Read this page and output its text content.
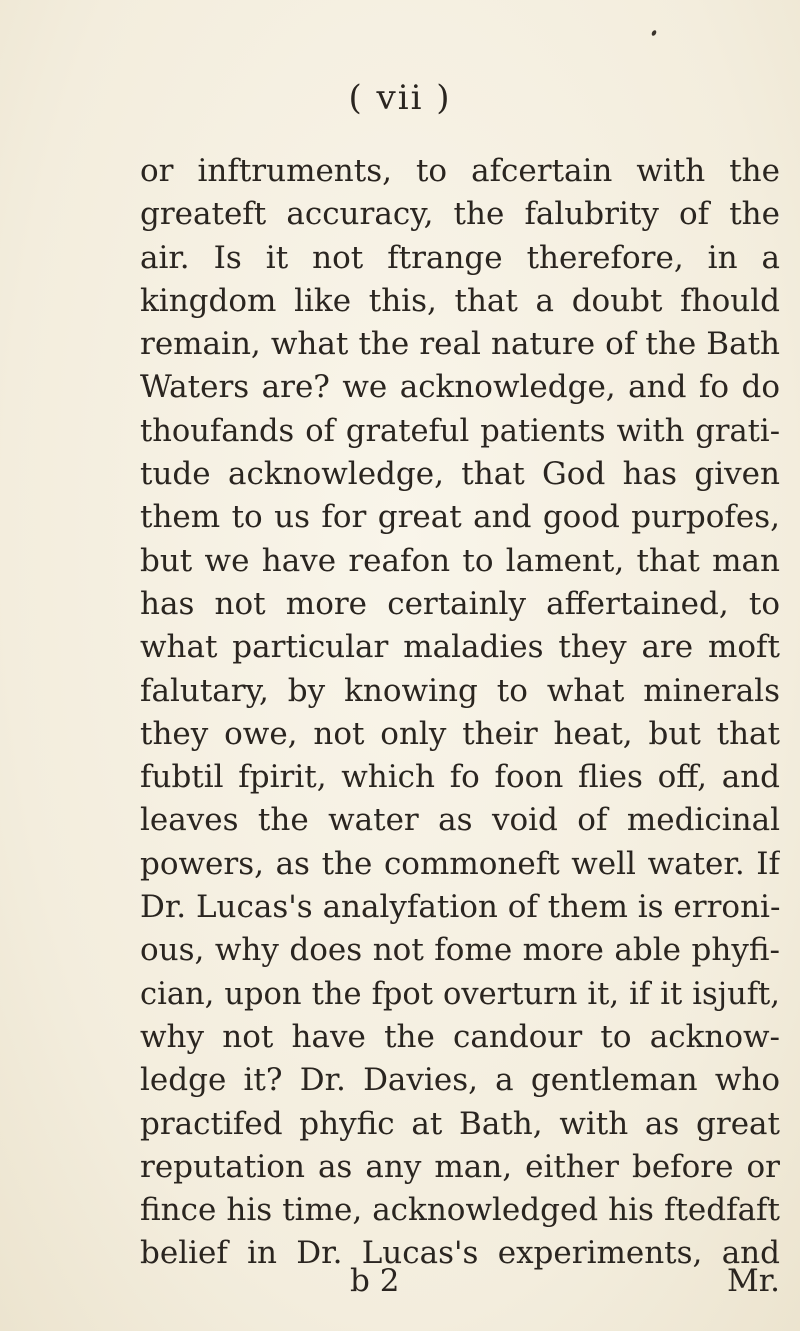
( vii )
or inftruments, to afcertain with the
greateft accuracy, the falubrity of the
air. Is it not ftrange therefore, in a
kingdom like this, that a doubt fhould
remain, what the real nature of the Bath
Waters are? we acknowledge, and fo do
thoufands of grateful patients with grati-
tude acknowledge, that God has given
them to us for great and good purpofes,
but we have reafon to lament, that man
has not more certainly affertained, to
what particular maladies they are moft
falutary, by knowing to what minerals
they owe, not only their heat, but that
fubtil fpirit, which fo foon flies off, and
leaves the water as void of medicinal
powers, as the commoneft well water. If
Dr. Lucas's analyfation of them is erroni-
ous, why does not fome more able phyfi-
cian, upon the fpot overturn it, if it isjuft,
why not have the candour to acknow-
ledge it? Dr. Davies, a gentleman who
practifed phyfic at Bath, with as great
reputation as any man, either before or
fince his time, acknowledged his ftedfaft
belief in Dr. Lucas's experiments, and
b 2	Mr.
